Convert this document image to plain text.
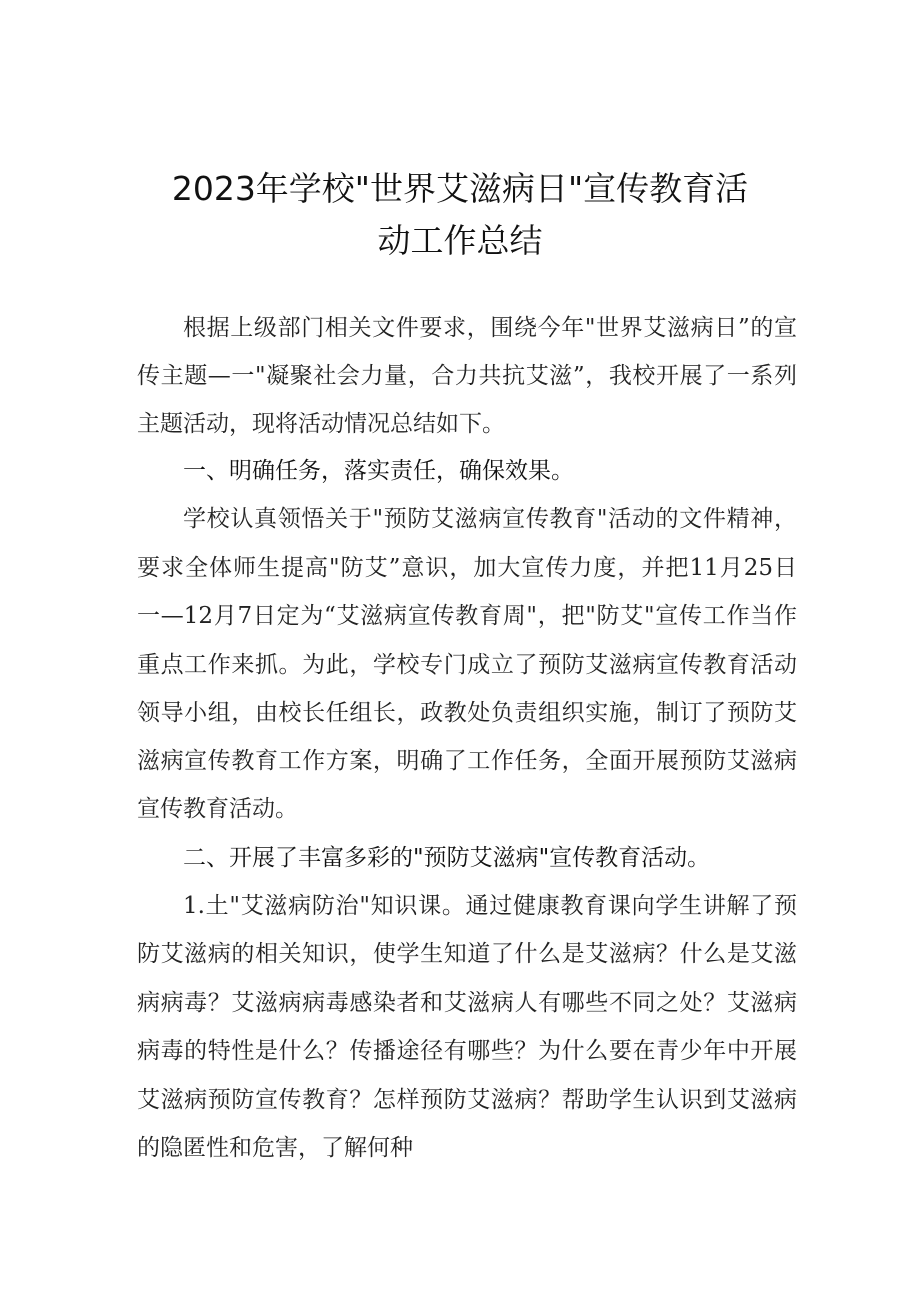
2023年学校"世界艾滋病日"宣传教育活
动工作总结
根据上级部门相关文件要求，围绕今年"世界艾滋病日”的宣
传主题—一"凝聚社会力量，合力共抗艾滋”，我校开展了一系列
主题活动，现将活动情况总结如下。
一、明确任务，落实责任，确保效果。
学校认真领悟关于"预防艾滋病宣传教育"活动的文件精神，
要求全体师生提高"防艾”意识，加大宣传力度，并把11月25日
一—12月7日定为“艾滋病宣传教育周"，把"防艾"宣传工作当作
重点工作来抓。为此，学校专门成立了预防艾滋病宣传教育活动
领导小组，由校长任组长，政教处负责组织实施，制订了预防艾
滋病宣传教育工作方案，明确了工作任务，全面开展预防艾滋病
宣传教育活动。
二、开展了丰富多彩的"预防艾滋病"宣传教育活动。
1.土"艾滋病防治"知识课。通过健康教育课向学生讲解了预
防艾滋病的相关知识，使学生知道了什么是艾滋病？什么是艾滋
病病毒？艾滋病病毒感染者和艾滋病人有哪些不同之处？艾滋病
病毒的特性是什么？传播途径有哪些？为什么要在青少年中开展
艾滋病预防宣传教育？怎样预防艾滋病？帮助学生认识到艾滋病
的隐匿性和危害，了解何种
